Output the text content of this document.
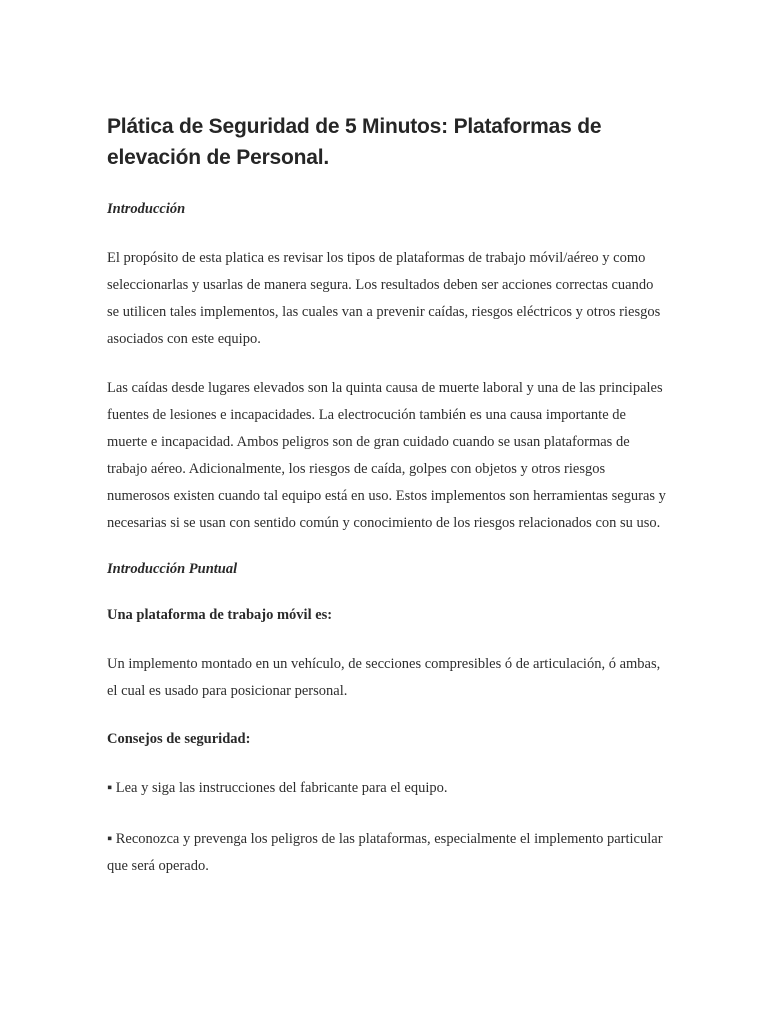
Plática de Seguridad de 5 Minutos: Plataformas de elevación de Personal.
Introducción

El propósito de esta platica es revisar los tipos de plataformas de trabajo móvil/aéreo y como seleccionarlas y usarlas de manera segura. Los resultados deben ser acciones correctas cuando se utilicen tales implementos, las cuales van a prevenir caídas, riesgos eléctricos y otros riesgos asociados con este equipo.

Las caídas desde lugares elevados son la quinta causa de muerte laboral y una de las principales fuentes de lesiones e incapacidades. La electrocución también es una causa importante de muerte e incapacidad. Ambos peligros son de gran cuidado cuando se usan plataformas de trabajo aéreo. Adicionalmente, los riesgos de caída, golpes con objetos y otros riesgos numerosos existen cuando tal equipo está en uso. Estos implementos son herramientas seguras y necesarias si se usan con sentido común y conocimiento de los riesgos relacionados con su uso.

Introducción Puntual
Una plataforma de trabajo móvil es:

Un implemento montado en un vehículo, de secciones compresibles ó de articulación, ó ambas, el cual es usado para posicionar personal.

Consejos de seguridad:
▪ Lea y siga las instrucciones del fabricante para el equipo.
▪ Reconozca y prevenga los peligros de las plataformas, especialmente el implemento particular que será operado.
